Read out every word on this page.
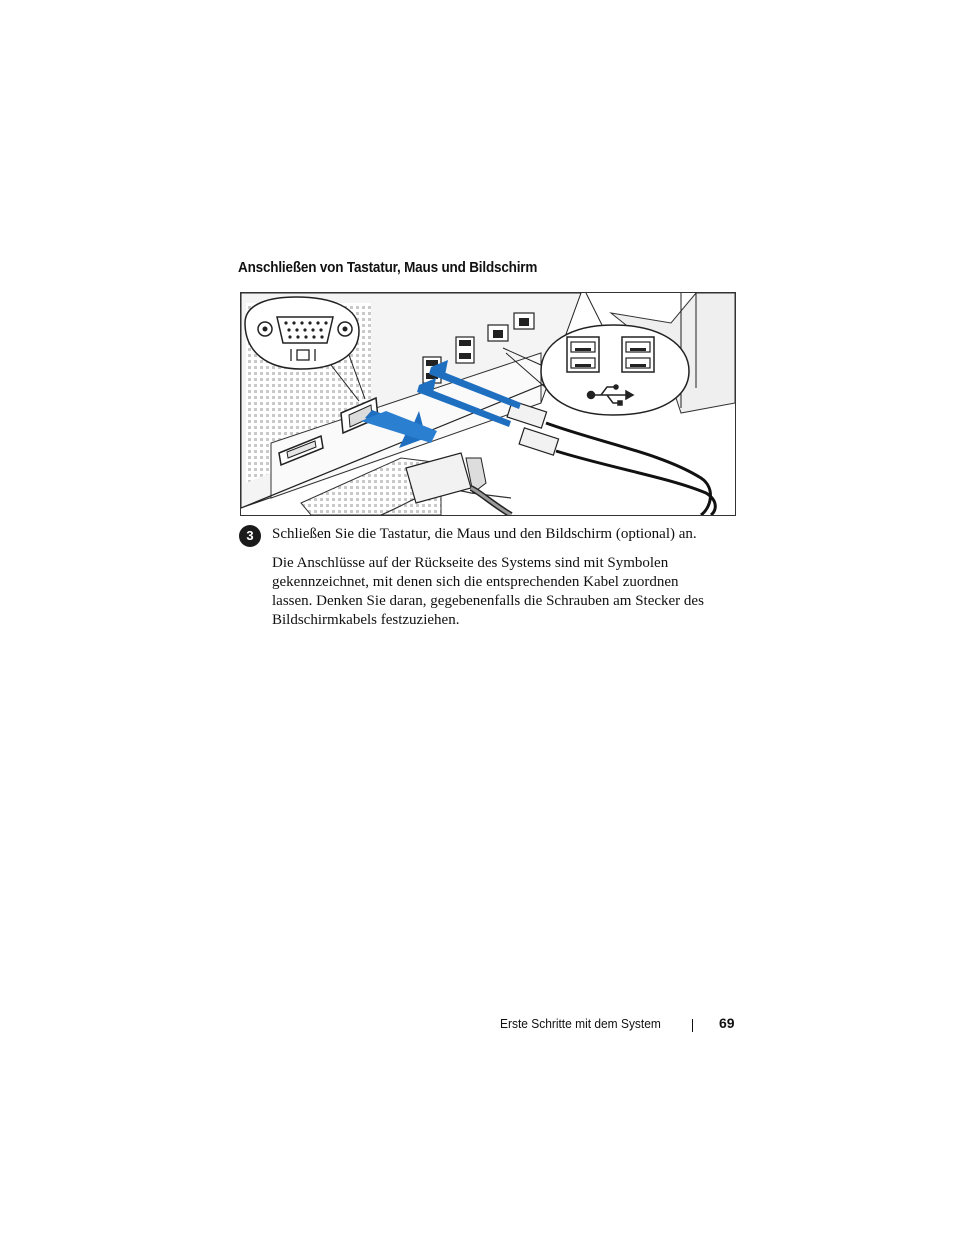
Anschließen von Tastatur, Maus und Bildschirm
3	Schließen Sie die Tastatur, die Maus und den Bildschirm (optional) an.
Die Anschlüsse auf der Rückseite des Systems sind mit Symbolen gekennzeichnet, mit denen sich die entsprechenden Kabel zuordnen lassen. Denken Sie daran, gegebenenfalls die Schrauben am Stecker des Bildschirmkabels festzuziehen.
Erste Schritte mit dem System	69
